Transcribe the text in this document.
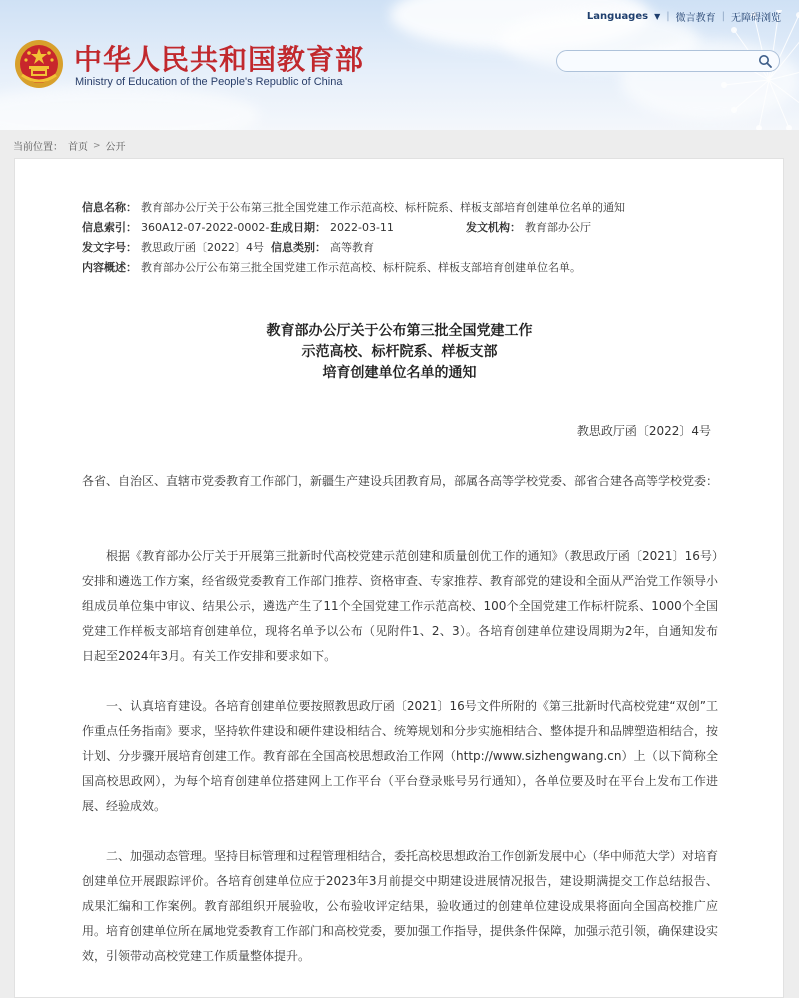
Languages ▼ | 微言教育 | 无障碍浏览
中华人民共和国教育部
Ministry of Education of the People's Republic of China
当前位置： 首页 > 公开
信息名称： 教育部办公厅关于公布第三批全国党建工作示范高校、标杆院系、样板支部培育创建单位名单的通知
信息索引： 360A12-07-2022-0002-1
生成日期： 2022-03-11	发文机构： 教育部办公厅
发文字号： 教思政厅函〔2022〕4号 信息类别： 高等教育
内容概述： 教育部办公厅公布第三批全国党建工作示范高校、标杆院系、样板支部培育创建单位名单。
教育部办公厅关于公布第三批全国党建工作
示范高校、标杆院系、样板支部
培育创建单位名单的通知
教思政厅函〔2022〕4号

各省、自治区、直辖市党委教育工作部门，新疆生产建设兵团教育局，部属各高等学校党委、部省合建各高等学校党委：

根据《教育部办公厅关于开展第三批新时代高校党建示范创建和质量创优工作的通知》（教思政厅函〔2021〕16号）安排和遴选工作方案，经省级党委教育工作部门推荐、资格审查、专家推荐、教育部党的建设和全面从严治党工作领导小组成员单位集中审议、结果公示，遴选产生了11个全国党建工作示范高校、100个全国党建工作标杆院系、1000个全国党建工作样板支部培育创建单位，现将名单予以公布（见附件1、2、3）。各培育创建单位建设周期为2年，自通知发布日起至2024年3月。有关工作安排和要求如下。

一、认真培育建设。各培育创建单位要按照教思政厅函〔2021〕16号文件所附的《第三批新时代高校党建“双创”工作重点任务指南》要求，坚持软件建设和硬件建设相结合、统筹规划和分步实施相结合、整体提升和品牌塑造相结合，按计划、分步骤开展培育创建工作。教育部在全国高校思想政治工作网（http://www.sizhengwang.cn）上（以下简称全国高校思政网），为每个培育创建单位搭建网上工作平台（平台登录账号另行通知），各单位要及时在平台上发布工作进展、经验成效。

二、加强动态管理。坚持目标管理和过程管理相结合，委托高校思想政治工作创新发展中心（华中师范大学）对培育创建单位开展跟踪评价。各培育创建单位应于2023年3月前提交中期建设进展情况报告，建设期满提交工作总结报告、成果汇编和工作案例。教育部组织开展验收，公布验收评定结果，验收通过的创建单位建设成果将面向全国高校推广应用。培育创建单位所在属地党委教育工作部门和高校党委，要加强工作指导，提供条件保障，加强示范引领，确保建设实效，引领带动高校党建工作质量整体提升。
